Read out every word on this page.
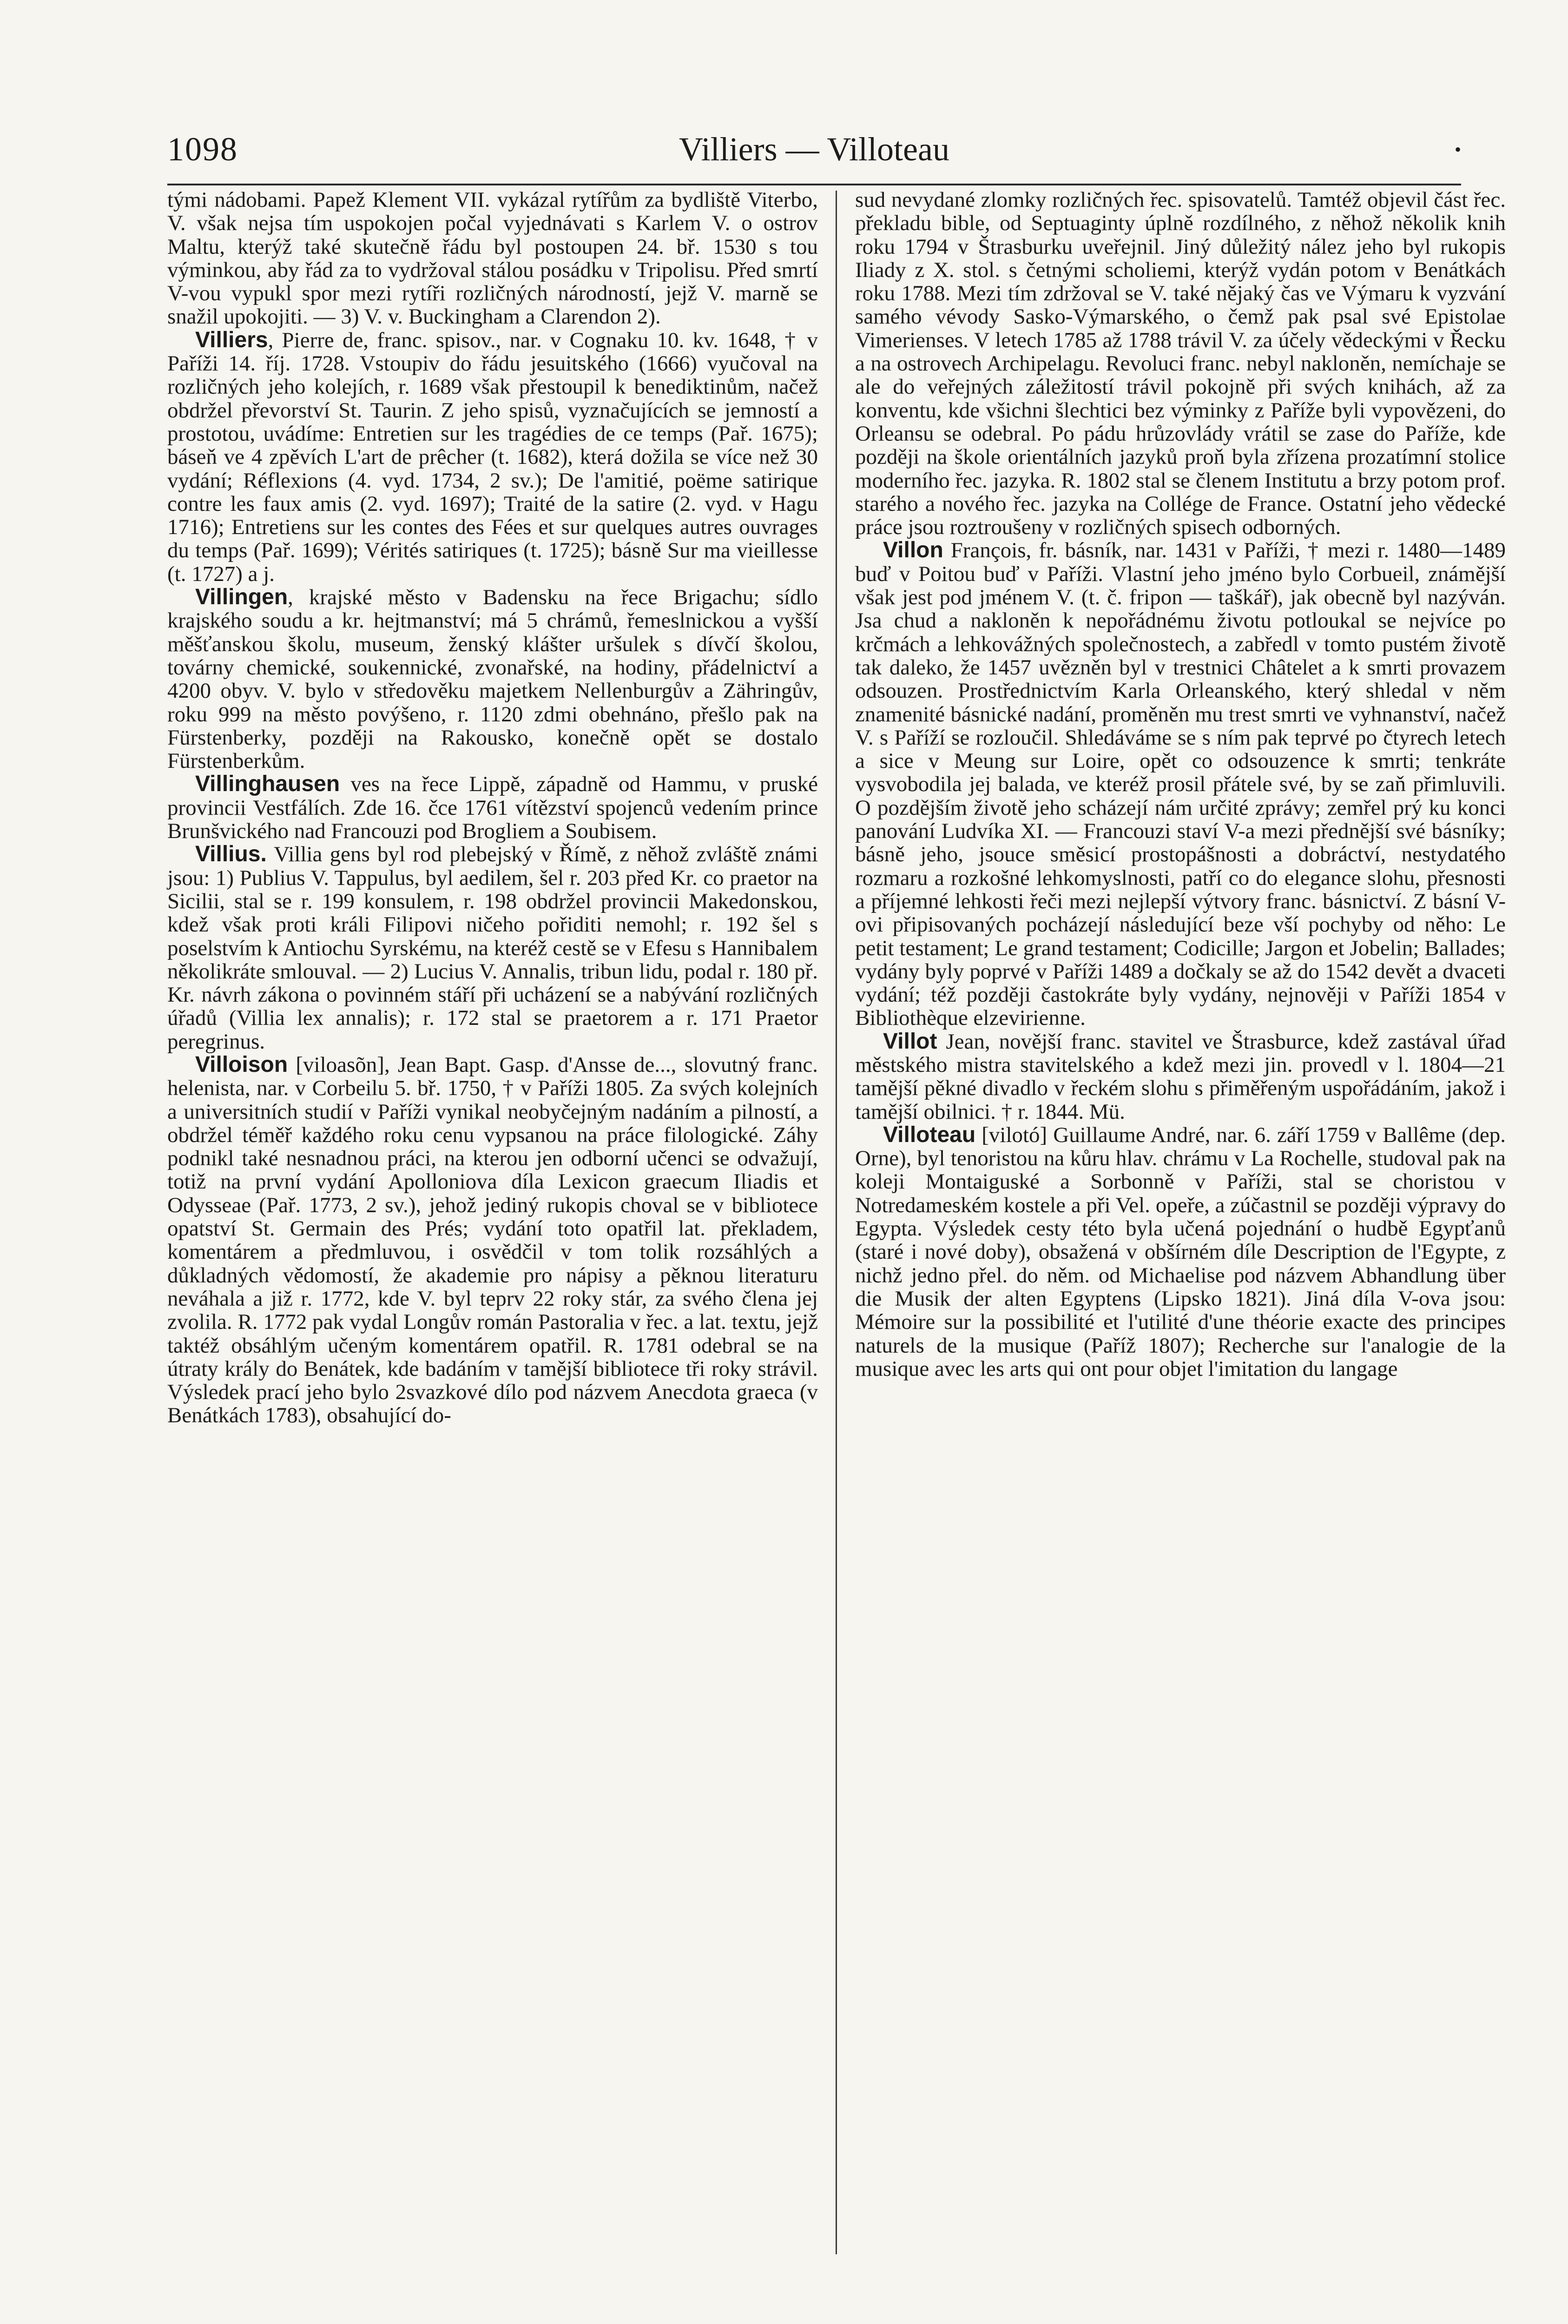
1098	Villiers — Villoteau	•

tými nádobami. Papež Klement VII. vykázal rytířům za bydliště Viterbo, V. však nejsa tím uspokojen počal vyjednávati s Karlem V. o ostrov Maltu, kterýž také skutečně řádu byl postoupen 24. bř. 1530 s tou výminkou, aby řád za to vydržoval stálou posádku v Tripolisu. Před smrtí V-vou vypukl spor mezi rytíři rozličných národností, jejž V. marně se snažil upokojiti. — 3) V. v. Buckingham a Clarendon 2).

Villiers, Pierre de, franc. spisov., nar. v Cognaku 10. kv. 1648, † v Paříži 14. říj. 1728. Vstoupiv do řádu jesuitského (1666) vyučoval na rozličných jeho kolejích, r. 1689 však přestoupil k benediktinům, načež obdržel převorství St. Taurin. Z jeho spisů, vyznačujících se jemností a prostotou, uvádíme: Entretien sur les tragédies de ce temps (Pař. 1675); báseň ve 4 zpěvích L'art de prêcher (t. 1682), která dožila se více než 30 vydání; Réflexions (4. vyd. 1734, 2 sv.); De l'amitié, poëme satirique contre les faux amis (2. vyd. 1697); Traité de la satire (2. vyd. v Hagu 1716); Entretiens sur les contes des Fées et sur quelques autres ouvrages du temps (Pař. 1699); Vérités satiriques (t. 1725); básně Sur ma vieillesse (t. 1727) a j.

Villingen, krajské město v Badensku na řece Brigachu; sídlo krajského soudu a kr. hejtmanství; má 5 chrámů, řemeslnickou a vyšší měšťanskou školu, museum, ženský klášter uršulek s dívčí školou, továrny chemické, soukennické, zvonařské, na hodiny, přádelnictví a 4200 obyv. V. bylo v středověku majetkem Nellenburgův a Zähringův, roku 999 na město povýšeno, r. 1120 zdmi obehnáno, přešlo pak na Fürstenberky, později na Rakousko, konečně opět se dostalo Fürstenberkům.

Villinghausen ves na řece Lippě, západně od Hammu, v pruské provincii Vestfálích. Zde 16. čce 1761 vítězství spojenců vedením prince Brunšvického nad Francouzi pod Brogliem a Soubisem.

Villius. Villia gens byl rod plebejský v Římě, z něhož zvláště známi jsou: 1) Publius V. Tappulus, byl aedilem, šel r. 203 před Kr. co praetor na Sicilii, stal se r. 199 konsulem, r. 198 obdržel provincii Makedonskou, kdež však proti králi Filipovi ničeho pořiditi nemohl; r. 192 šel s poselstvím k Antiochu Syrskému, na kteréž cestě se v Efesu s Hannibalem několikráte smlouval. — 2) Lucius V. Annalis, tribun lidu, podal r. 180 př. Kr. návrh zákona o povinném stáří při ucházení se a nabývání rozličných úřadů (Villia lex annalis); r. 172 stal se praetorem a r. 171 Praetor peregrinus.

Villoison [viloasõn], Jean Bapt. Gasp. d'Ansse de..., slovutný franc. helenista, nar. v Corbeilu 5. bř. 1750, † v Paříži 1805. Za svých kolejních a universitních studií v Paříži vynikal neobyčejným nadáním a pilností, a obdržel téměř každého roku cenu vypsanou na práce filologické. Záhy podnikl také nesnadnou práci, na kterou jen odborní učenci se odvažují, totiž na první vydání Apolloniova díla Lexicon graecum Iliadis et Odysseae (Pař. 1773, 2 sv.), jehož jediný rukopis choval se v bibliotece opatství St. Germain des Prés; vydání toto opatřil lat. překladem, komentárem a předmluvou, i osvědčil v tom tolik rozsáhlých a důkladných vědomostí, že akademie pro nápisy a pěknou literaturu neváhala a již r. 1772, kde V. byl teprv 22 roky stár, za svého člena jej zvolila. R. 1772 pak vydal Longův román Pastoralia v řec. a lat. textu, jejž taktéž obsáhlým učeným komentárem opatřil. R. 1781 odebral se na útraty krály do Benátek, kde badáním v tamější bibliotece tři roky strávil. Výsledek prací jeho bylo 2svazkové dílo pod názvem Anecdota graeca (v Benátkách 1783), obsahující do-

sud nevydané zlomky rozličných řec. spisovatelů. Tamtéž objevil část řec. překladu bible, od Septuaginty úplně rozdílného, z něhož několik knih roku 1794 v Štrasburku uveřejnil. Jiný důležitý nález jeho byl rukopis Iliady z X. stol. s četnými scholiemi, kterýž vydán potom v Benátkách roku 1788. Mezi tím zdržoval se V. také nějaký čas ve Výmaru k vyzvání samého vévody Sasko-Výmarského, o čemž pak psal své Epistolae Vimerienses. V letech 1785 až 1788 trávil V. za účely vědeckými v Řecku a na ostrovech Archipelagu. Revoluci franc. nebyl nakloněn, nemíchaje se ale do veřejných záležitostí trávil pokojně při svých knihách, až za konventu, kde všichni šlechtici bez výminky z Paříže byli vypovězeni, do Orleansu se odebral. Po pádu hrůzovlády vrátil se zase do Paříže, kde později na škole orientálních jazyků proň byla zřízena prozatímní stolice moderního řec. jazyka. R. 1802 stal se členem Institutu a brzy potom prof. starého a nového řec. jazyka na Collége de France. Ostatní jeho vědecké práce jsou roztroušeny v rozličných spisech odborných.

Villon François, fr. básník, nar. 1431 v Paříži, † mezi r. 1480—1489 buď v Poitou buď v Paříži. Vlastní jeho jméno bylo Corbueil, známější však jest pod jménem V. (t. č. fripon — taškář), jak obecně byl nazýván. Jsa chud a nakloněn k nepořádnému životu potloukal se nejvíce po krčmách a lehkovážných společnostech, a zabředl v tomto pustém životě tak daleko, že 1457 uvězněn byl v trestnici Châtelet a k smrti provazem odsouzen. Prostřednictvím Karla Orleanského, který shledal v něm znamenité básnické nadání, proměněn mu trest smrti ve vyhnanství, načež V. s Paříží se rozloučil. Shledáváme se s ním pak teprvé po čtyrech letech a sice v Meung sur Loire, opět co odsouzence k smrti; tenkráte vysvobodila jej balada, ve kteréž prosil přátele své, by se zaň přimluvili. O pozdějším životě jeho scházejí nám určité zprávy; zemřel prý ku konci panování Ludvíka XI. — Francouzi staví V-a mezi přednější své básníky; básně jeho, jsouce směsicí prostopášnosti a dobráctví, nestydatého rozmaru a rozkošné lehkomyslnosti, patří co do elegance slohu, přesnosti a příjemné lehkosti řeči mezi nejlepší výtvory franc. básnictví. Z básní V-ovi připisovaných pocházejí následující beze vší pochyby od něho: Le petit testament; Le grand testament; Codicille; Jargon et Jobelin; Ballades; vydány byly poprvé v Paříži 1489 a dočkaly se až do 1542 devět a dvaceti vydání; též později častokráte byly vydány, nejnověji v Paříži 1854 v Bibliothèque elzevirienne.

Villot Jean, novější franc. stavitel ve Štrasburce, kdež zastával úřad městského mistra stavitelského a kdež mezi jin. provedl v l. 1804—21 tamější pěkné divadlo v řeckém slohu s přiměřeným uspořádáním, jakož i tamější obilnici. † r. 1844. Mü.

Villoteau [vilotó] Guillaume André, nar. 6. září 1759 v Ballême (dep. Orne), byl tenoristou na kůru hlav. chrámu v La Rochelle, studoval pak na koleji Montaiguské a Sorbonně v Paříži, stal se choristou v Notredameském kostele a při Vel. opeře, a zúčastnil se později výpravy do Egypta. Výsledek cesty této byla učená pojednání o hudbě Egypťanů (staré i nové doby), obsažená v obšírném díle Description de l'Egypte, z nichž jedno přel. do něm. od Michaelise pod názvem Abhandlung über die Musik der alten Egyptens (Lipsko 1821). Jiná díla V-ova jsou: Mémoire sur la possibilité et l'utilité d'une théorie exacte des principes naturels de la musique (Paříž 1807); Recherche sur l'analogie de la musique avec les arts qui ont pour objet l'imitation du langage
